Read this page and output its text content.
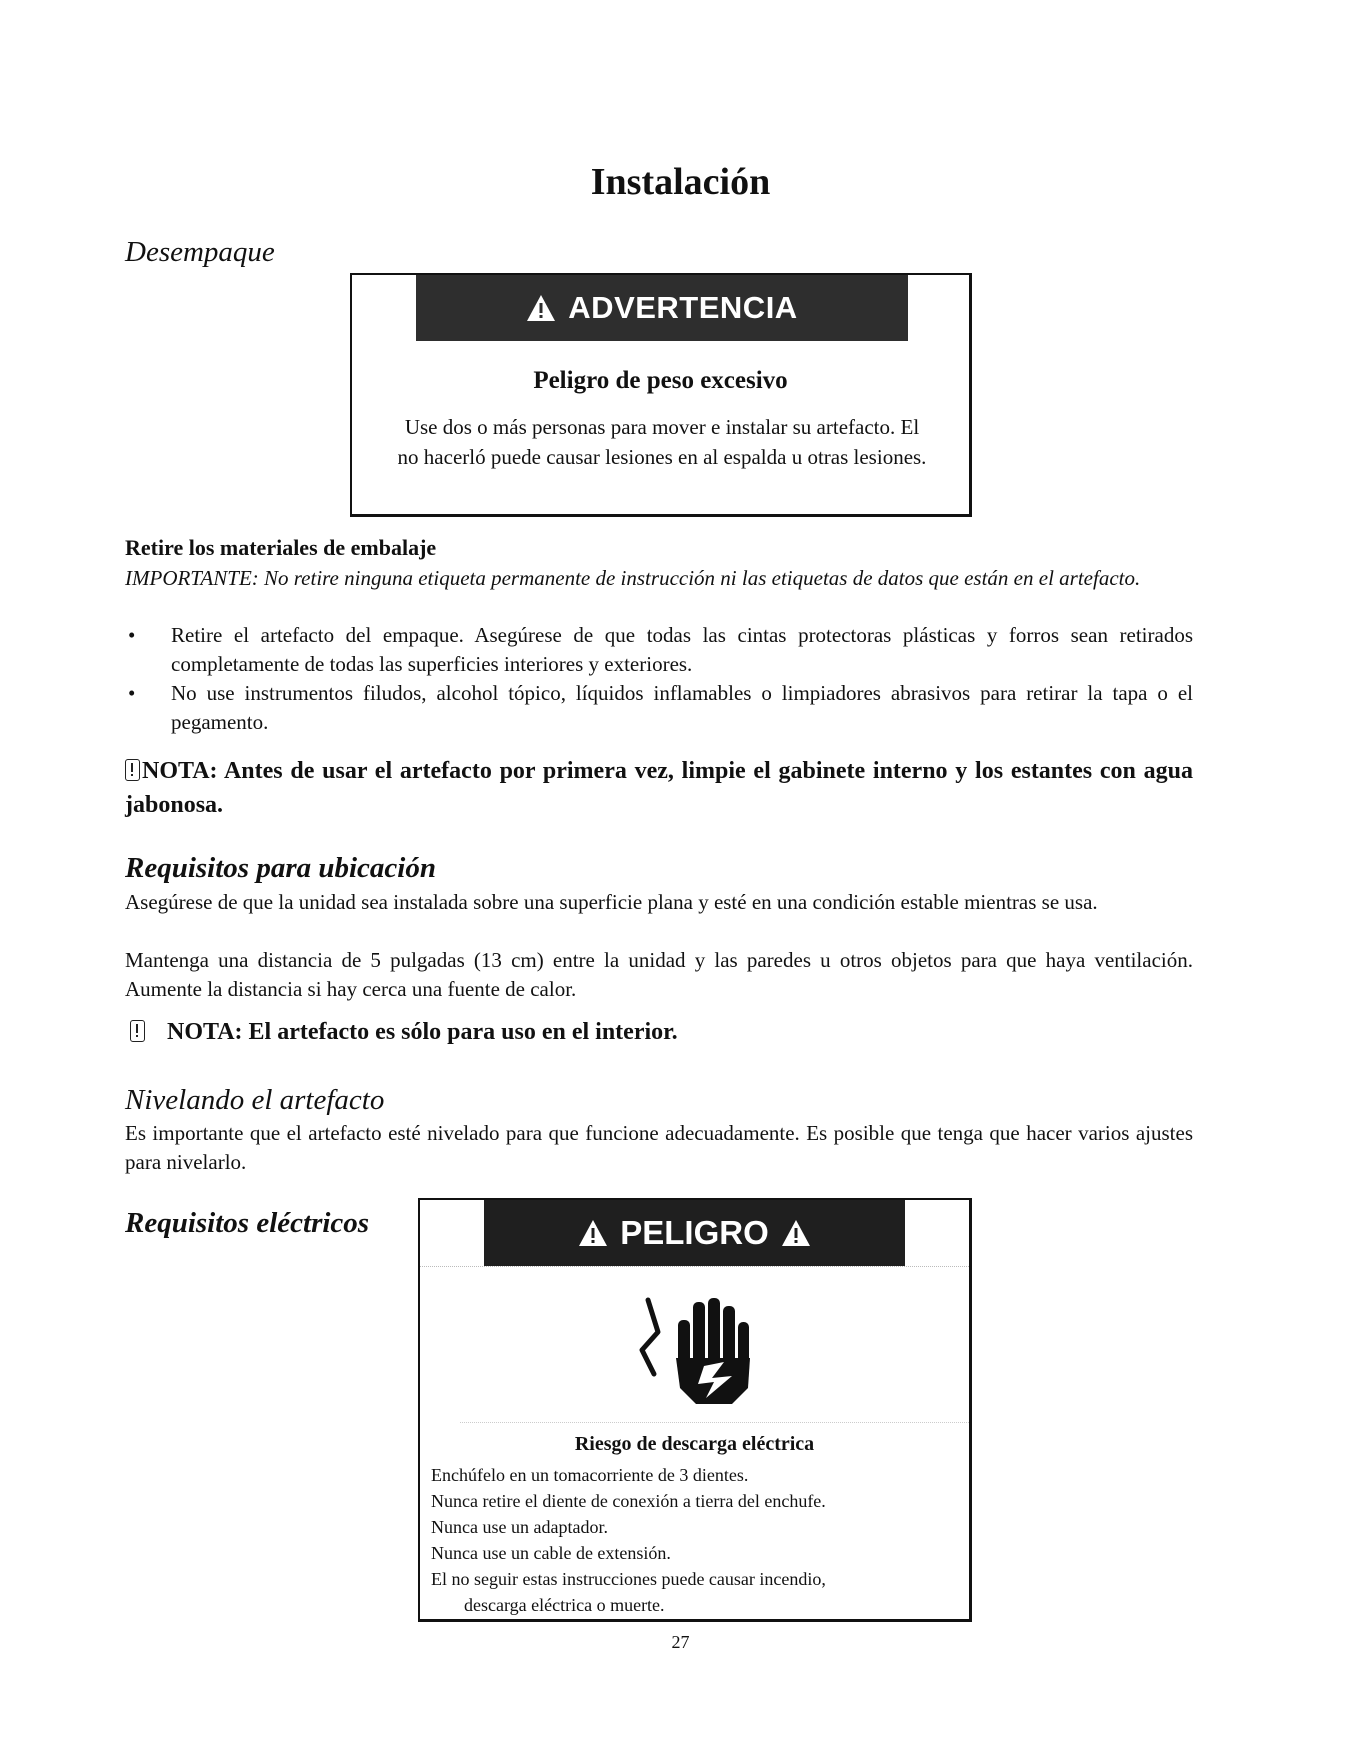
Instalación
Desempaque
ADVERTENCIA
Peligro de peso excesivo
Use dos o más personas para mover e instalar su artefacto. El no hacerló puede causar lesiones en al espalda u otras lesiones.
Retire los materiales de embalaje
IMPORTANTE: No retire ninguna etiqueta permanente de instrucción ni las etiquetas de datos que están en el artefacto.
• Retire el artefacto del empaque. Asegúrese de que todas las cintas protectoras plásticas y forros sean retirados completamente de todas las superficies interiores y exteriores.
• No use instrumentos filudos, alcohol tópico, líquidos inflamables o limpiadores abrasivos para retirar la tapa o el pegamento.
NOTA: Antes de usar el artefacto por primera vez, limpie el gabinete interno y los estantes con agua jabonosa.
Requisitos para ubicación
Asegúrese de que la unidad sea instalada sobre una superficie plana y esté en una condición estable mientras se usa.
Mantenga una distancia de 5 pulgadas (13 cm) entre la unidad y las paredes u otros objetos para que haya ventilación. Aumente la distancia si hay cerca una fuente de calor.
NOTA: El artefacto es sólo para uso en el interior.
Nivelando el artefacto
Es importante que el artefacto esté nivelado para que funcione adecuadamente. Es posible que tenga que hacer varios ajustes para nivelarlo.
Requisitos eléctricos	PELIGRO
Riesgo de descarga eléctrica
Enchúfelo en un tomacorriente de 3 dientes.
Nunca retire el diente de conexión a tierra del enchufe.
Nunca use un adaptador.
Nunca use un cable de extensión.
El no seguir estas instrucciones puede causar incendio,
descarga eléctrica o muerte.
27
